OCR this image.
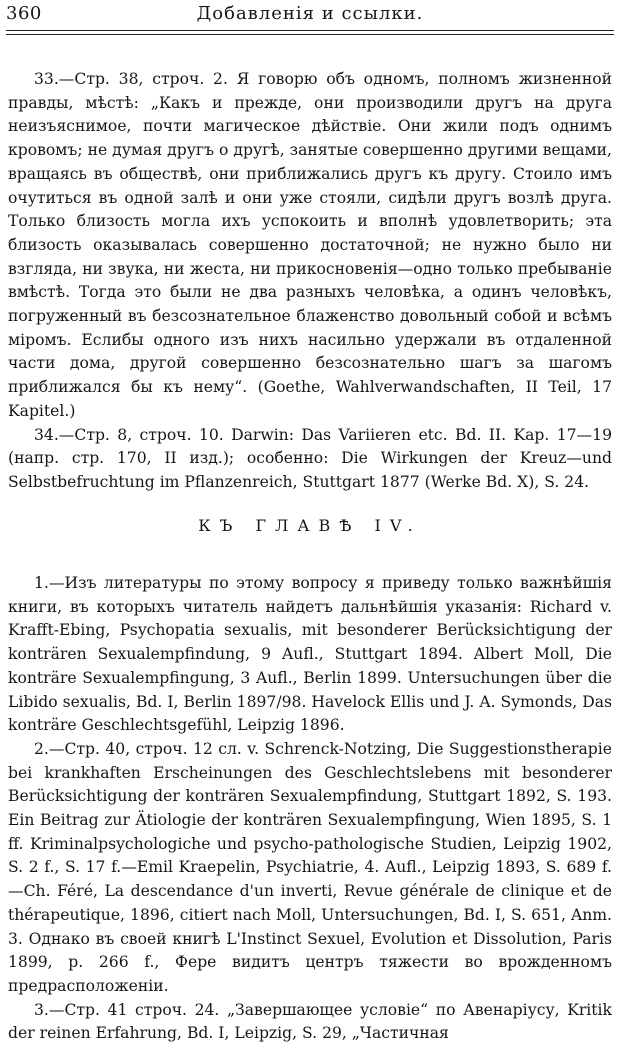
360	Добавленія и ссылки.

33.—Стр. 38, строч. 2. Я говорю объ одномъ, полномъ жизненной правды, мѣстѣ: „Какъ и прежде, они производили другъ на друга неизъяснимое, почти магическое дѣйствіе. Они жили подъ однимъ кровомъ; не думая другъ о другѣ, занятые совершенно другими вещами, вращаясь въ обществѣ, они приближались другъ къ другу. Стоило имъ очутиться въ одной залѣ и они уже стояли, сидѣли другъ возлѣ друга. Только близость могла ихъ успокоить и вполнѣ удовлетворить; эта близость оказывалась совершенно достаточной; не нужно было ни взгляда, ни звука, ни жеста, ни прикосновенія—одно только пребываніе вмѣстѣ. Тогда это были не два разныхъ человѣка, а одинъ человѣкъ, погруженный въ безсознательное блаженство довольный собой и всѣмъ міромъ. Еслибы одного изъ нихъ насильно удержали въ отдаленной части дома, другой совершенно безсознательно шагъ за шагомъ приближался бы къ нему“. (Goethe, Wahlverwandschaften, II Teil, 17 Kapitel.)

34.—Стр. 8, строч. 10. Darwin: Das Variieren etc. Bd. II. Kap. 17—19 (напр. стр. 170, II изд.); особенно: Die Wirkungen der Kreuz—und Selbstbefruchtung im Pflanzenreich, Stuttgart 1877 (Werke Bd. X), S. 24.

КЪ ГЛАВѢ IV.

1.—Изъ литературы по этому вопросу я приведу только важнѣйшія книги, въ которыхъ читатель найдетъ дальнѣйшія указанія: Richard v. Krafft-Ebing, Psychopatia sexualis, mit besonderer Berücksichtigung der konträren Sexualempfindung, 9 Aufl., Stuttgart 1894. Albert Moll, Die konträre Sexualempfingung, 3 Aufl., Berlin 1899. Untersuchungen über die Libido sexualis, Bd. I, Berlin 1897/98. Havelock Ellis und J. A. Symonds, Das konträre Geschlechtsgefühl, Leipzig 1896.

2.—Стр. 40, строч. 12 сл. v. Schrenck-Notzing, Die Suggestionstherapie bei krankhaften Erscheinungen des Geschlechtslebens mit besonderer Berücksichtigung der konträren Sexualempfindung, Stuttgart 1892, S. 193. Ein Beitrag zur Ätiologie der konträren Sexualempfingung, Wien 1895, S. 1 ff. Kriminalpsychologiche und psycho-pathologische Studien, Leipzig 1902, S. 2 f., S. 17 f.—Emil Kraepelin, Psychiatrie, 4. Aufl., Leipzig 1893, S. 689 f.—Ch. Féré, La descendance d'un inverti, Revue générale de clinique et de thérapeutique, 1896, citiert nach Moll, Untersuchungen, Bd. I, S. 651, Anm. 3. Однако въ своей книгѣ L'Instinct Sexuel, Evolution et Dissolution, Paris 1899, p. 266 f., Фере видитъ центръ тяжести во врожденномъ предрасположеніи.

3.—Стр. 41 строч. 24. „Завершающее условіе“ по Авенаріусу, Kritik der reinen Erfahrung, Bd. I, Leipzig, S. 29, „Частичная
